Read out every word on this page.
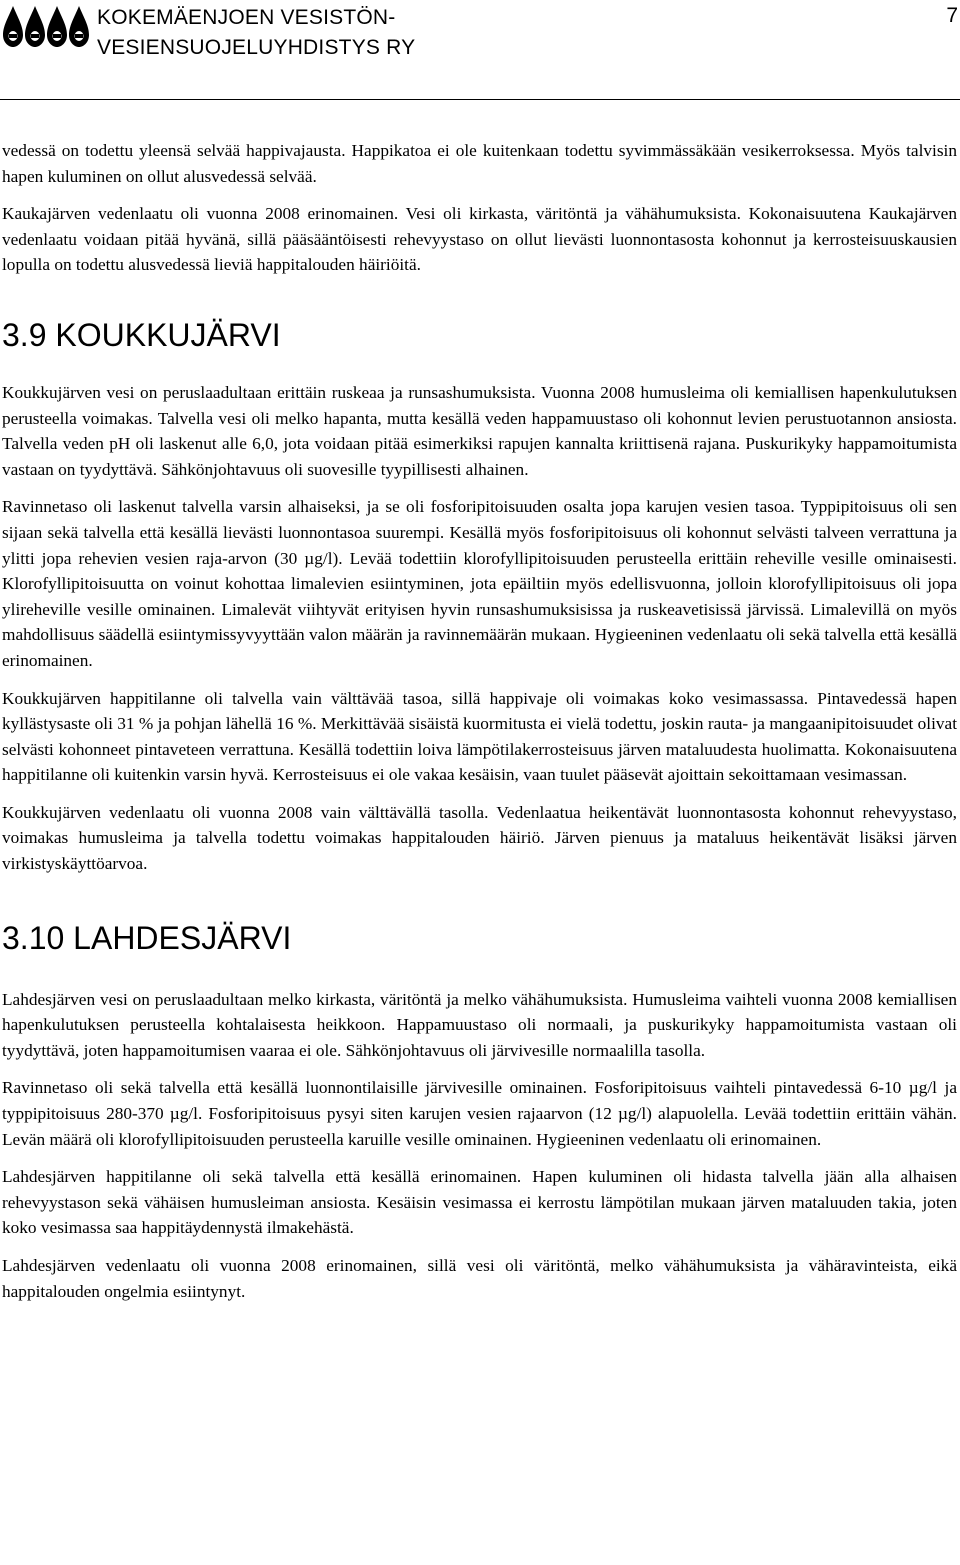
KOKEMÄENJOEN VESISTÖN-
VESIENSUOJELUYHDISTYS RY
7

vedessä on todettu yleensä selvää happivajausta. Happikatoa ei ole kuitenkaan todettu syvimmässäkään vesikerroksessa. Myös talvisin hapen kuluminen on ollut alusvedessä selvää.

Kaukajärven vedenlaatu oli vuonna 2008 erinomainen. Vesi oli kirkasta, väritöntä ja vähähumuksista. Kokonaisuutena Kaukajärven vedenlaatu voidaan pitää hyvänä, sillä pääsääntöisesti rehevyystaso on ollut lievästi luonnontasosta kohonnut ja kerrosteisuuskausien lopulla on todettu alusvedessä lieviä happitalouden häiriöitä.

3.9 KOUKKUJÄRVI

Koukkujärven vesi on peruslaadultaan erittäin ruskeaa ja runsashumuksista. Vuonna 2008 humusleima oli kemiallisen hapenkulutuksen perusteella voimakas. Talvella vesi oli melko hapanta, mutta kesällä veden happamuustaso oli kohonnut levien perustuotannon ansiosta. Talvella veden pH oli laskenut alle 6,0, jota voidaan pitää esimerkiksi rapujen kannalta kriittisenä rajana. Puskurikyky happamoitumista vastaan on tyydyttävä. Sähkönjohtavuus oli suovesille tyypillisesti alhainen.

Ravinnetaso oli laskenut talvella varsin alhaiseksi, ja se oli fosforipitoisuuden osalta jopa karujen vesien tasoa. Typpipitoisuus oli sen sijaan sekä talvella että kesällä lievästi luonnontasoa suurempi. Kesällä myös fosforipitoisuus oli kohonnut selvästi talveen verrattuna ja ylitti jopa rehevien vesien raja-arvon (30 µg/l). Levää todettiin klorofyllipitoisuuden perusteella erittäin reheville vesille ominaisesti. Klorofyllipitoisuutta on voinut kohottaa limalevien esiintyminen, jota epäiltiin myös edellisvuonna, jolloin klorofyllipitoisuus oli jopa ylireheville vesille ominainen. Limalevät viihtyvät erityisen hyvin runsashumuksisissa ja ruskeavetisissä järvissä. Limalevillä on myös mahdollisuus säädellä esiintymissyvyyttään valon määrän ja ravinnemäärän mukaan. Hygieeninen vedenlaatu oli sekä talvella että kesällä erinomainen.

Koukkujärven happitilanne oli talvella vain välttävää tasoa, sillä happivaje oli voimakas koko vesimassassa. Pintavedessä hapen kyllästysaste oli 31 % ja pohjan lähellä 16 %. Merkittävää sisäistä kuormitusta ei vielä todettu, joskin rauta- ja mangaanipitoisuudet olivat selvästi kohonneet pintaveteen verrattuna. Kesällä todettiin loiva lämpötilakerrosteisuus järven mataluudesta huolimatta. Kokonaisuutena happitilanne oli kuitenkin varsin hyvä. Kerrosteisuus ei ole vakaa kesäisin, vaan tuulet pääsevät ajoittain sekoittamaan vesimassan.

Koukkujärven vedenlaatu oli vuonna 2008 vain välttävällä tasolla. Vedenlaatua heikentävät luonnontasosta kohonnut rehevyystaso, voimakas humusleima ja talvella todettu voimakas happitalouden häiriö. Järven pienuus ja mataluus heikentävät lisäksi järven virkistyskäyttöarvoa.

3.10 LAHDESJÄRVI

Lahdesjärven vesi on peruslaadultaan melko kirkasta, väritöntä ja melko vähähumuksista. Humusleima vaihteli vuonna 2008 kemiallisen hapenkulutuksen perusteella kohtalaisesta heikkoon. Happamuustaso oli normaali, ja puskurikyky happamoitumista vastaan oli tyydyttävä, joten happamoitumisen vaaraa ei ole. Sähkönjohtavuus oli järvivesille normaalilla tasolla.

Ravinnetaso oli sekä talvella että kesällä luonnontilaisille järvivesille ominainen. Fosforipitoisuus vaihteli pintavedessä 6-10 µg/l ja typpipitoisuus 280-370 µg/l. Fosforipitoisuus pysyi siten karujen vesien rajaarvon (12 µg/l) alapuolella. Levää todettiin erittäin vähän. Levän määrä oli klorofyllipitoisuuden perusteella karuille vesille ominainen. Hygieeninen vedenlaatu oli erinomainen.

Lahdesjärven happitilanne oli sekä talvella että kesällä erinomainen. Hapen kuluminen oli hidasta talvella jään alla alhaisen rehevyystason sekä vähäisen humusleiman ansiosta. Kesäisin vesimassa ei kerrostu lämpötilan mukaan järven mataluuden takia, joten koko vesimassa saa happitäydennystä ilmakehästä.

Lahdesjärven vedenlaatu oli vuonna 2008 erinomainen, sillä vesi oli väritöntä, melko vähähumuksista ja vähäravinteista, eikä happitalouden ongelmia esiintynyt.
